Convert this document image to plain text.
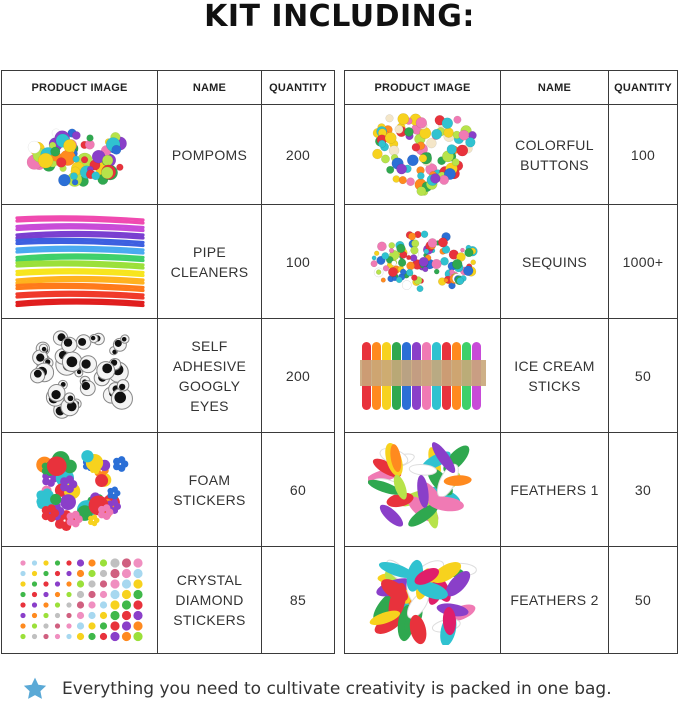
KIT INCLUDING:
PRODUCT IMAGE	NAME	QUANTITY

	POMPOMS	200

	PIPE CLEANERS	100

	SELF ADHESIVE GOOGLY EYES	200

	FOAM STICKERS	60

	CRYSTAL DIAMOND STICKERS	85
PRODUCT IMAGE	NAME	QUANTITY

	COLORFUL BUTTONS	100

	SEQUINS	1000+

	ICE CREAM STICKS	50

	FEATHERS 1	30

	FEATHERS 2	50
Everything you need to cultivate creativity is packed in one bag.
